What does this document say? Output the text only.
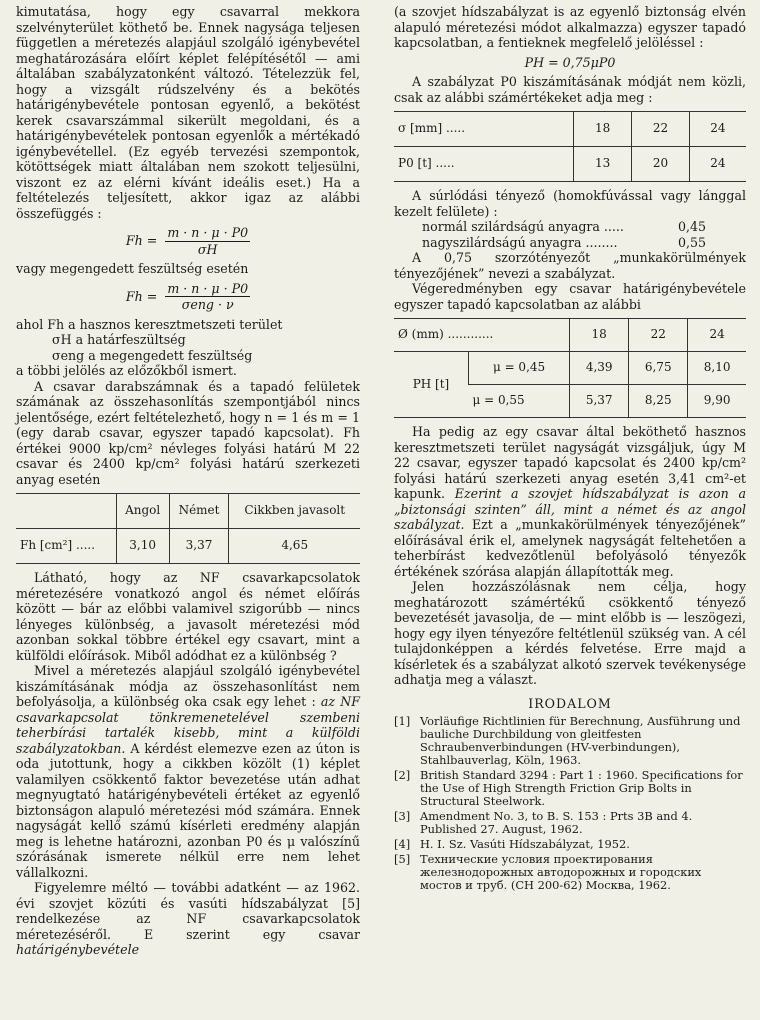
kimutatása, hogy egy csavarral mekkora szelvényterület köthető be. Ennek nagysága teljesen független a méretezés alapjául szolgáló igénybevétel meghatározására előírt képlet felépítésétől — ami általában szabályzatonként változó. Tételezzük fel, hogy a vizsgált rúdszelvény és a bekötés határigénybevétele pontosan egyenlő, a bekötést kerek csavarszámmal sikerült megoldani, és a határigénybevételek pontosan egyenlők a mértékadó igénybevétellel. (Ez egyéb tervezési szempontok, kötöttségek miatt általában nem szokott teljesülni, viszont ez az elérni kívánt ideális eset.) Ha a feltételezés teljesített, akkor igaz az alábbi összefüggés :

$Fh = \frac{m \cdot n \cdot \mu \cdot P0}{\sigma H}$

vagy megengedett feszültség esetén

$Fh = \frac{m \cdot n \cdot \mu \cdot P0}{\text{σeng · ν}}$
ahol Fh a hasznos keresztmetszeti terület
σH a határfeszültség
σeng a megengedett feszültség
a többi jelölés az előzőkből ismert.

A csavar darabszámnak és a tapadó felületek számának az összehasonlítás szempontjából nincs jelentősége, ezért feltételezhető, hogy n = 1 és m = 1 (egy darab csavar, egyszer tapadó kapcsolat). Fh értékei 9000 kp/cm² névleges folyási határú M 22 csavar és 2400 kp/cm² folyási határú szerkezeti anyag esetén

	Angol	Német	Cikkben javasolt
Fh [cm²] .....	3,10	3,37	4,65

Látható, hogy az NF csavarkapcsolatok méretezésére vonatkozó angol és német előírás között — bár az előbbi valamivel szigorúbb — nincs lényeges különbség, a javasolt méretezési mód azonban sokkal többre értékel egy csavart, mint a külföldi előírások. Miből adódhat ez a különbség ?

Mivel a méretezés alapjául szolgáló igénybevétel kiszámításának módja az összehasonlítást nem befolyásolja, a különbség oka csak egy lehet : az NF csavarkapcsolat tönkremenetelével szembeni teherbírási tartalék kisebb, mint a külföldi szabályzatokban. A kérdést elemezve ezen az úton is oda jutottunk, hogy a cikkben közölt (1) képlet valamilyen csökkentő faktor bevezetése után adhat megnyugtató határigénybevételi értéket az egyenlő biztonságon alapuló méretezési mód számára. Ennek nagyságát kellő számú kísérleti eredmény alapján meg is lehetne határozni, azonban P0 és μ valószínű szórásának ismerete nélkül erre nem lehet vállalkozni.

Figyelemre méltó — további adatként — az 1962. évi szovjet közúti és vasúti hídszabályzat [5] rendelkezése az NF csavarkapcsolatok méretezéséről. E szerint egy csavar határigénybevétele

(a szovjet hídszabályzat is az egyenlő biztonság elvén alapuló méretezési módot alkalmazza) egyszer tapadó kapcsolatban, a fentieknek megfelelő jelöléssel :

PH = 0,75μP0

A szabályzat P0 kiszámításának módját nem közli, csak az alábbi számértékeket adja meg :

σ [mm] .....	18	22	24
P0 [t] .....	13	20	24

A súrlódási tényező (homokfúvással vagy lánggal kezelt felülete) :

normál szilárdságú anyagra .....	0,45
nagyszilárdságú anyagra ........	0,55

A 0,75 szorzótényezőt „munkakörülmények tényezőjének” nevezi a szabályzat.

Végeredményben egy csavar határigénybevétele egyszer tapadó kapcsolatban az alábbi

Ø (mm) ............		18	22	24
PH [t]	μ = 0,45	4,39	6,75	8,10
	μ = 0,55	5,37	8,25	9,90

Ha pedig az egy csavar által beköthető hasznos keresztmetszeti terület nagyságát vizsgáljuk, úgy M 22 csavar, egyszer tapadó kapcsolat és 2400 kp/cm² folyási határú szerkezeti anyag esetén 3,41 cm²-et kapunk. Ezerint a szovjet hídszabályzat is azon a „biztonsági szinten” áll, mint a német és az angol szabályzat. Ezt a „munkakörülmények tényezőjének” előírásával érik el, amelynek nagyságát feltehetően a teherbírást kedvezőtlenül befolyásoló tényezők értékének szórása alapján állapították meg.

Jelen hozzászólásnak nem célja, hogy meghatározott számértékű csökkentő tényező bevezetését javasolja, de — mint előbb is — leszögezi, hogy egy ilyen tényezőre feltétlenül szükség van. A cél tulajdonképpen a kérdés felvetése. Erre majd a kísérletek és a szabályzat alkotó szervek tevékenysége adhatja meg a választ.

IRODALOM
[1] Vorläufige Richtlinien für Berechnung, Ausführung und bauliche Durchbildung von gleitfesten Schraubenverbindungen (HV-verbindungen), Stahlbauverlag, Köln, 1963.
[2] British Standard 3294 : Part 1 : 1960. Specifications for the Use of High Strength Friction Grip Bolts in Structural Steelwork.
[3] Amendment No. 3, to B. S. 153 : Prts 3B and 4. Published 27. August, 1962.
[4] H. I. Sz. Vasúti Hídszabályzat, 1952.
[5] Технические условия проектирования железнодорожных автодорожных и городских мостов и труб. (СН 200-62) Москва, 1962.
